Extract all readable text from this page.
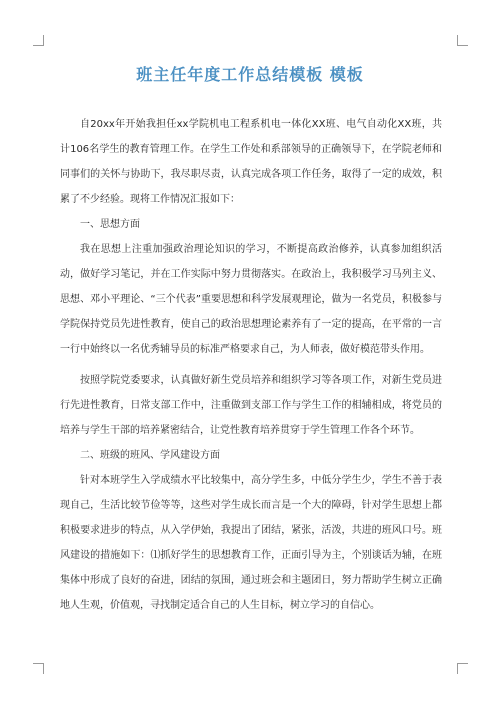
班主任年度工作总结模板 模板

自20xx年开始我担任xx学院机电工程系机电一体化XX班、电气自动化XX班，共计106名学生的教育管理工作。在学生工作处和系部领导的正确领导下，在学院老师和同事们的关怀与协助下，我尽职尽责，认真完成各项工作任务，取得了一定的成效，积累了不少经验。现将工作情况汇报如下：

一、思想方面

我在思想上注重加强政治理论知识的学习，不断提高政治修养，认真参加组织活动，做好学习笔记，并在工作实际中努力贯彻落实。在政治上，我积极学习马列主义、思想、邓小平理论、“三个代表”重要思想和科学发展观理论，做为一名党员，积极参与学院保持党员先进性教育，使自己的政治思想理论素养有了一定的提高，在平常的一言一行中始终以一名优秀辅导员的标准严格要求自己，为人师表，做好模范带头作用。

按照学院党委要求，认真做好新生党员培养和组织学习等各项工作，对新生党员进行先进性教育，日常支部工作中，注重做到支部工作与学生工作的相辅相成，将党员的培养与学生干部的培养紧密结合，让党性教育培养贯穿于学生管理工作各个环节。

二、班级的班风、学风建设方面

针对本班学生入学成绩水平比较集中，高分学生多，中低分学生少，学生不善于表现自己，生活比较节俭等等，这些对学生成长而言是一个大的障碍，针对学生思想上都积极要求进步的特点，从入学伊始，我提出了团结，紧张，活泼，共进的班风口号。班风建设的措施如下：⑴抓好学生的思想教育工作，正面引导为主，个别谈话为辅，在班集体中形成了良好的奋进，团结的氛围，通过班会和主题团日，努力帮助学生树立正确地人生观，价值观，寻找制定适合自己的人生目标，树立学习的自信心。
